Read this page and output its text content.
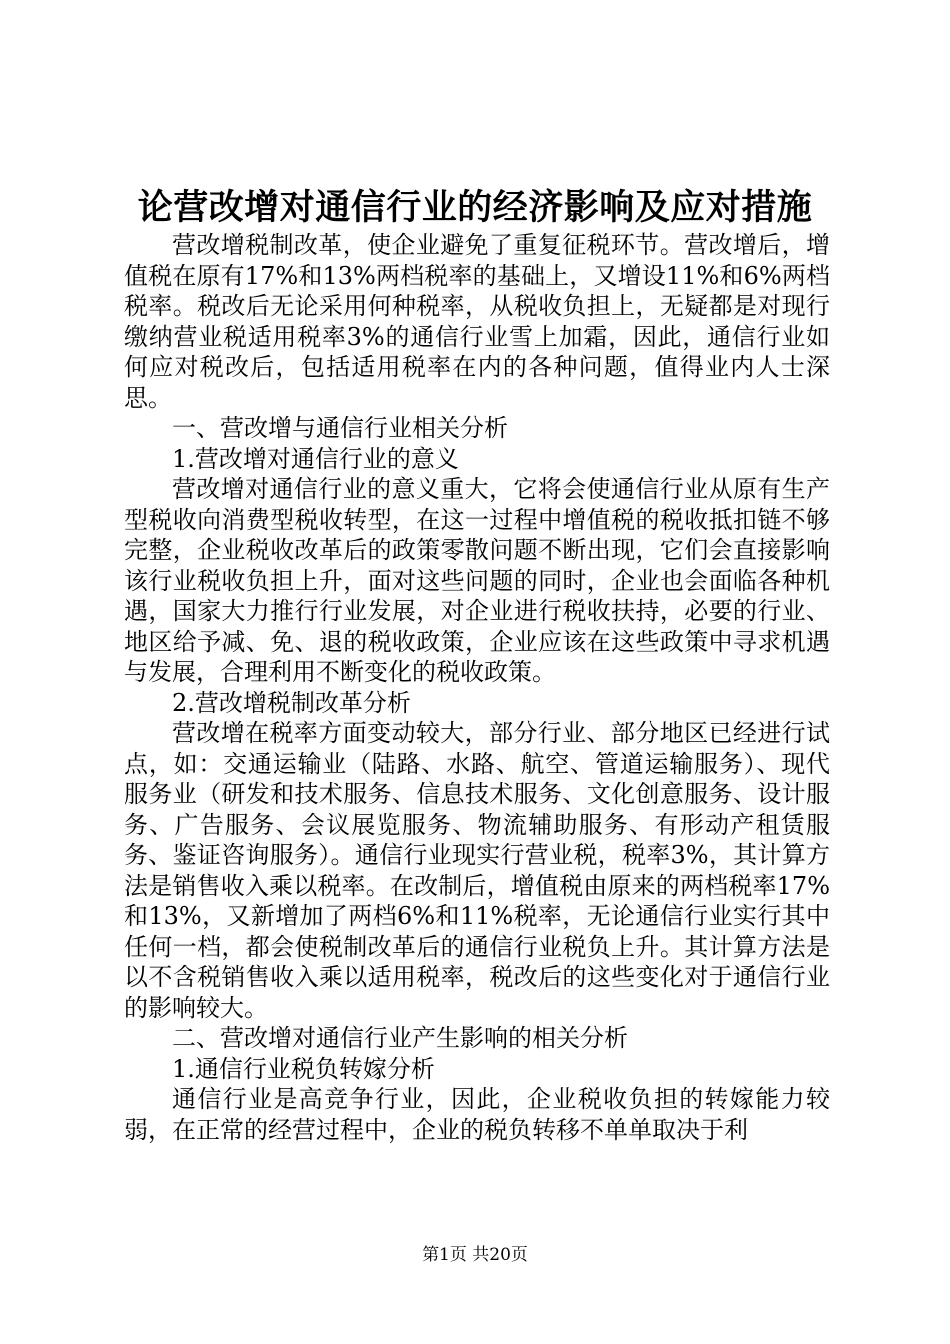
论营改增对通信行业的经济影响及应对措施

营改增税制改革，使企业避免了重复征税环节。营改增后，增值税在原有17%和13%两档税率的基础上，又增设11%和6%两档税率。税改后无论采用何种税率，从税收负担上，无疑都是对现行缴纳营业税适用税率3%的通信行业雪上加霜，因此，通信行业如何应对税改后，包括适用税率在内的各种问题，值得业内人士深思。

一、营改增与通信行业相关分析

1.营改增对通信行业的意义

营改增对通信行业的意义重大，它将会使通信行业从原有生产型税收向消费型税收转型，在这一过程中增值税的税收抵扣链不够完整，企业税收改革后的政策零散问题不断出现，它们会直接影响该行业税收负担上升，面对这些问题的同时，企业也会面临各种机遇，国家大力推行行业发展，对企业进行税收扶持，必要的行业、地区给予减、免、退的税收政策，企业应该在这些政策中寻求机遇与发展，合理利用不断变化的税收政策。

2.营改增税制改革分析

营改增在税率方面变动较大，部分行业、部分地区已经进行试点，如：交通运输业（陆路、水路、航空、管道运输服务）、现代服务业（研发和技术服务、信息技术服务、文化创意服务、设计服务、广告服务、会议展览服务、物流辅助服务、有形动产租赁服务、鉴证咨询服务）。通信行业现实行营业税，税率3%，其计算方法是销售收入乘以税率。在改制后，增值税由原来的两档税率17%和13%，又新增加了两档6%和11%税率，无论通信行业实行其中任何一档，都会使税制改革后的通信行业税负上升。其计算方法是以不含税销售收入乘以适用税率，税改后的这些变化对于通信行业的影响较大。

二、营改增对通信行业产生影响的相关分析

1.通信行业税负转嫁分析

通信行业是高竞争行业，因此，企业税收负担的转嫁能力较弱，在正常的经营过程中，企业的税负转移不单单取决于利

第1页 共20页
